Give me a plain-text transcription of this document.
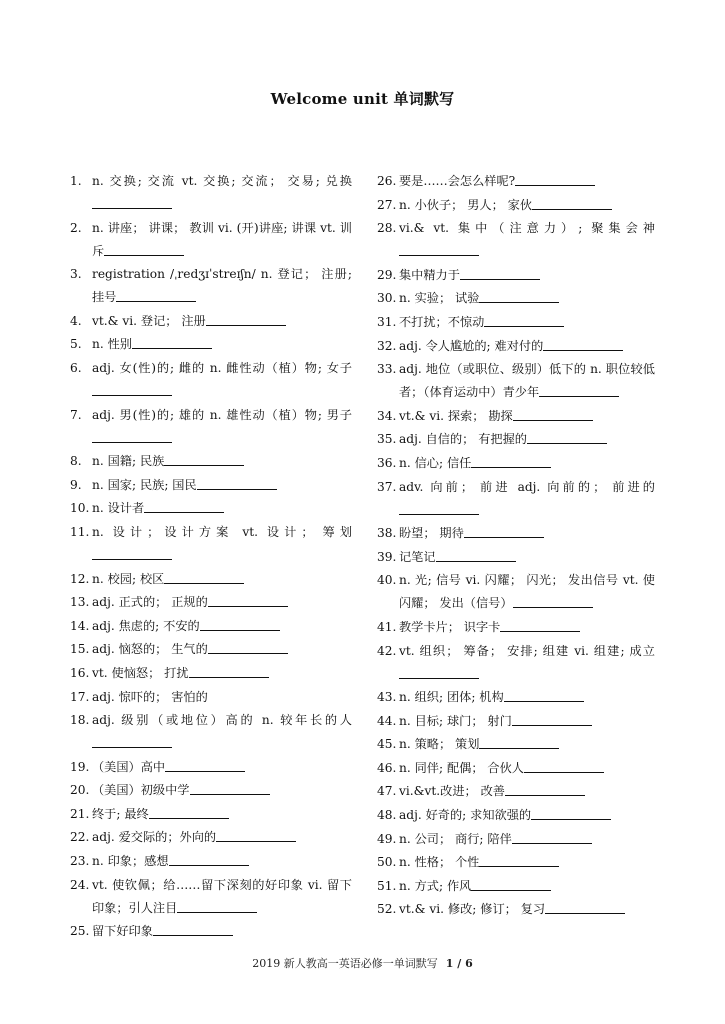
Welcome unit 单词默写
1. n. 交换; 交流 vt. 交换; 交流； 交易; 兑换
2. n. 讲座； 讲课； 教训 vi. (开)讲座; 讲课 vt. 训斥
3. registration /ˌredʒɪˈstreɪʃn/ n. 登记； 注册; 挂号
4. vt.& vi. 登记； 注册
5. n. 性别
6. adj. 女(性)的; 雌的 n. 雌性动（植）物; 女子
7. adj. 男(性)的; 雄的 n. 雄性动（植）物; 男子
8. n. 国籍; 民族
9. n. 国家; 民族; 国民
10. n. 设计者
11. n. 设计；设计方案 vt. 设计； 筹划
12. n. 校园; 校区
13. adj. 正式的； 正规的
14. adj. 焦虑的; 不安的
15. adj. 恼怒的； 生气的
16. vt. 使恼怒； 打扰
17. adj. 惊吓的； 害怕的
18. adj. 级别（或地位）高的 n. 较年长的人
19. （美国）高中
20. （美国）初级中学
21. 终于; 最终
22. adj. 爱交际的；外向的
23. n. 印象；感想
24. vt. 使钦佩；给……留下深刻的好印象 vi. 留下印象；引人注目
25. 留下好印象
26. 要是……会怎么样呢?
27. n. 小伙子； 男人； 家伙
28. vi.& vt. 集中（注意力）; 聚集会神
29. 集中精力于
30. n. 实验； 试验
31. 不打扰；不惊动
32. adj. 令人尴尬的; 难对付的
33. adj. 地位（或职位、级别）低下的 n. 职位较低者；（体育运动中）青少年
34. vt.& vi. 探索； 勘探
35. adj. 自信的； 有把握的
36. n. 信心; 信任
37. adv. 向前； 前进 adj. 向前的； 前进的
38. 盼望； 期待
39. 记笔记
40. n. 光; 信号 vi. 闪耀； 闪光； 发出信号 vt. 使闪耀； 发出（信号）
41. 教学卡片； 识字卡
42. vt. 组织； 筹备； 安排; 组建 vi. 组建; 成立
43. n. 组织; 团体; 机构
44. n. 目标; 球门； 射门
45. n. 策略； 策划
46. n. 同伴; 配偶； 合伙人
47. vi.&vt.改进； 改善
48. adj. 好奇的; 求知欲强的
49. n. 公司； 商行; 陪伴
50. n. 性格； 个性
51. n. 方式; 作风
52. vt.& vi. 修改; 修订； 复习
2019 新人教高一英语必修一单词默写 1 / 6
